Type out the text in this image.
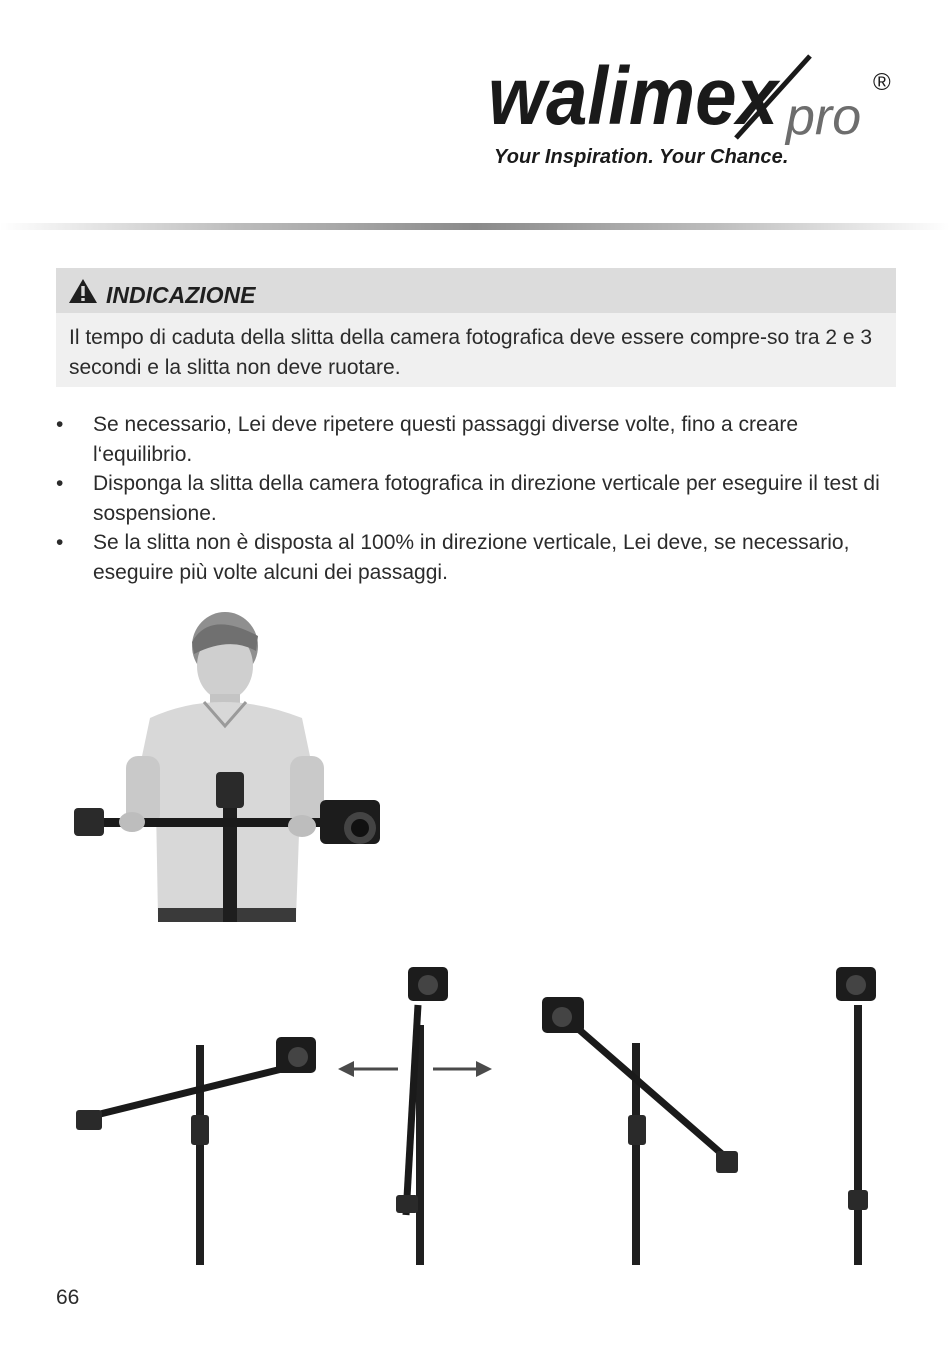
walimex pro
®
Your Inspiration. Your Chance.
INDICAZIONE
Il tempo di caduta della slitta della camera fotografica deve essere compre-so tra 2 e 3 secondi e la slitta non deve ruotare.
• Se necessario, Lei deve ripetere questi passaggi diverse volte, fino a creare l‘equilibrio.
• Disponga la slitta della camera fotografica in direzione verticale per eseguire il test di sospensione.
• Se la slitta non è disposta al 100% in direzione verticale, Lei deve, se necessario, eseguire più volte alcuni dei passaggi.
66
